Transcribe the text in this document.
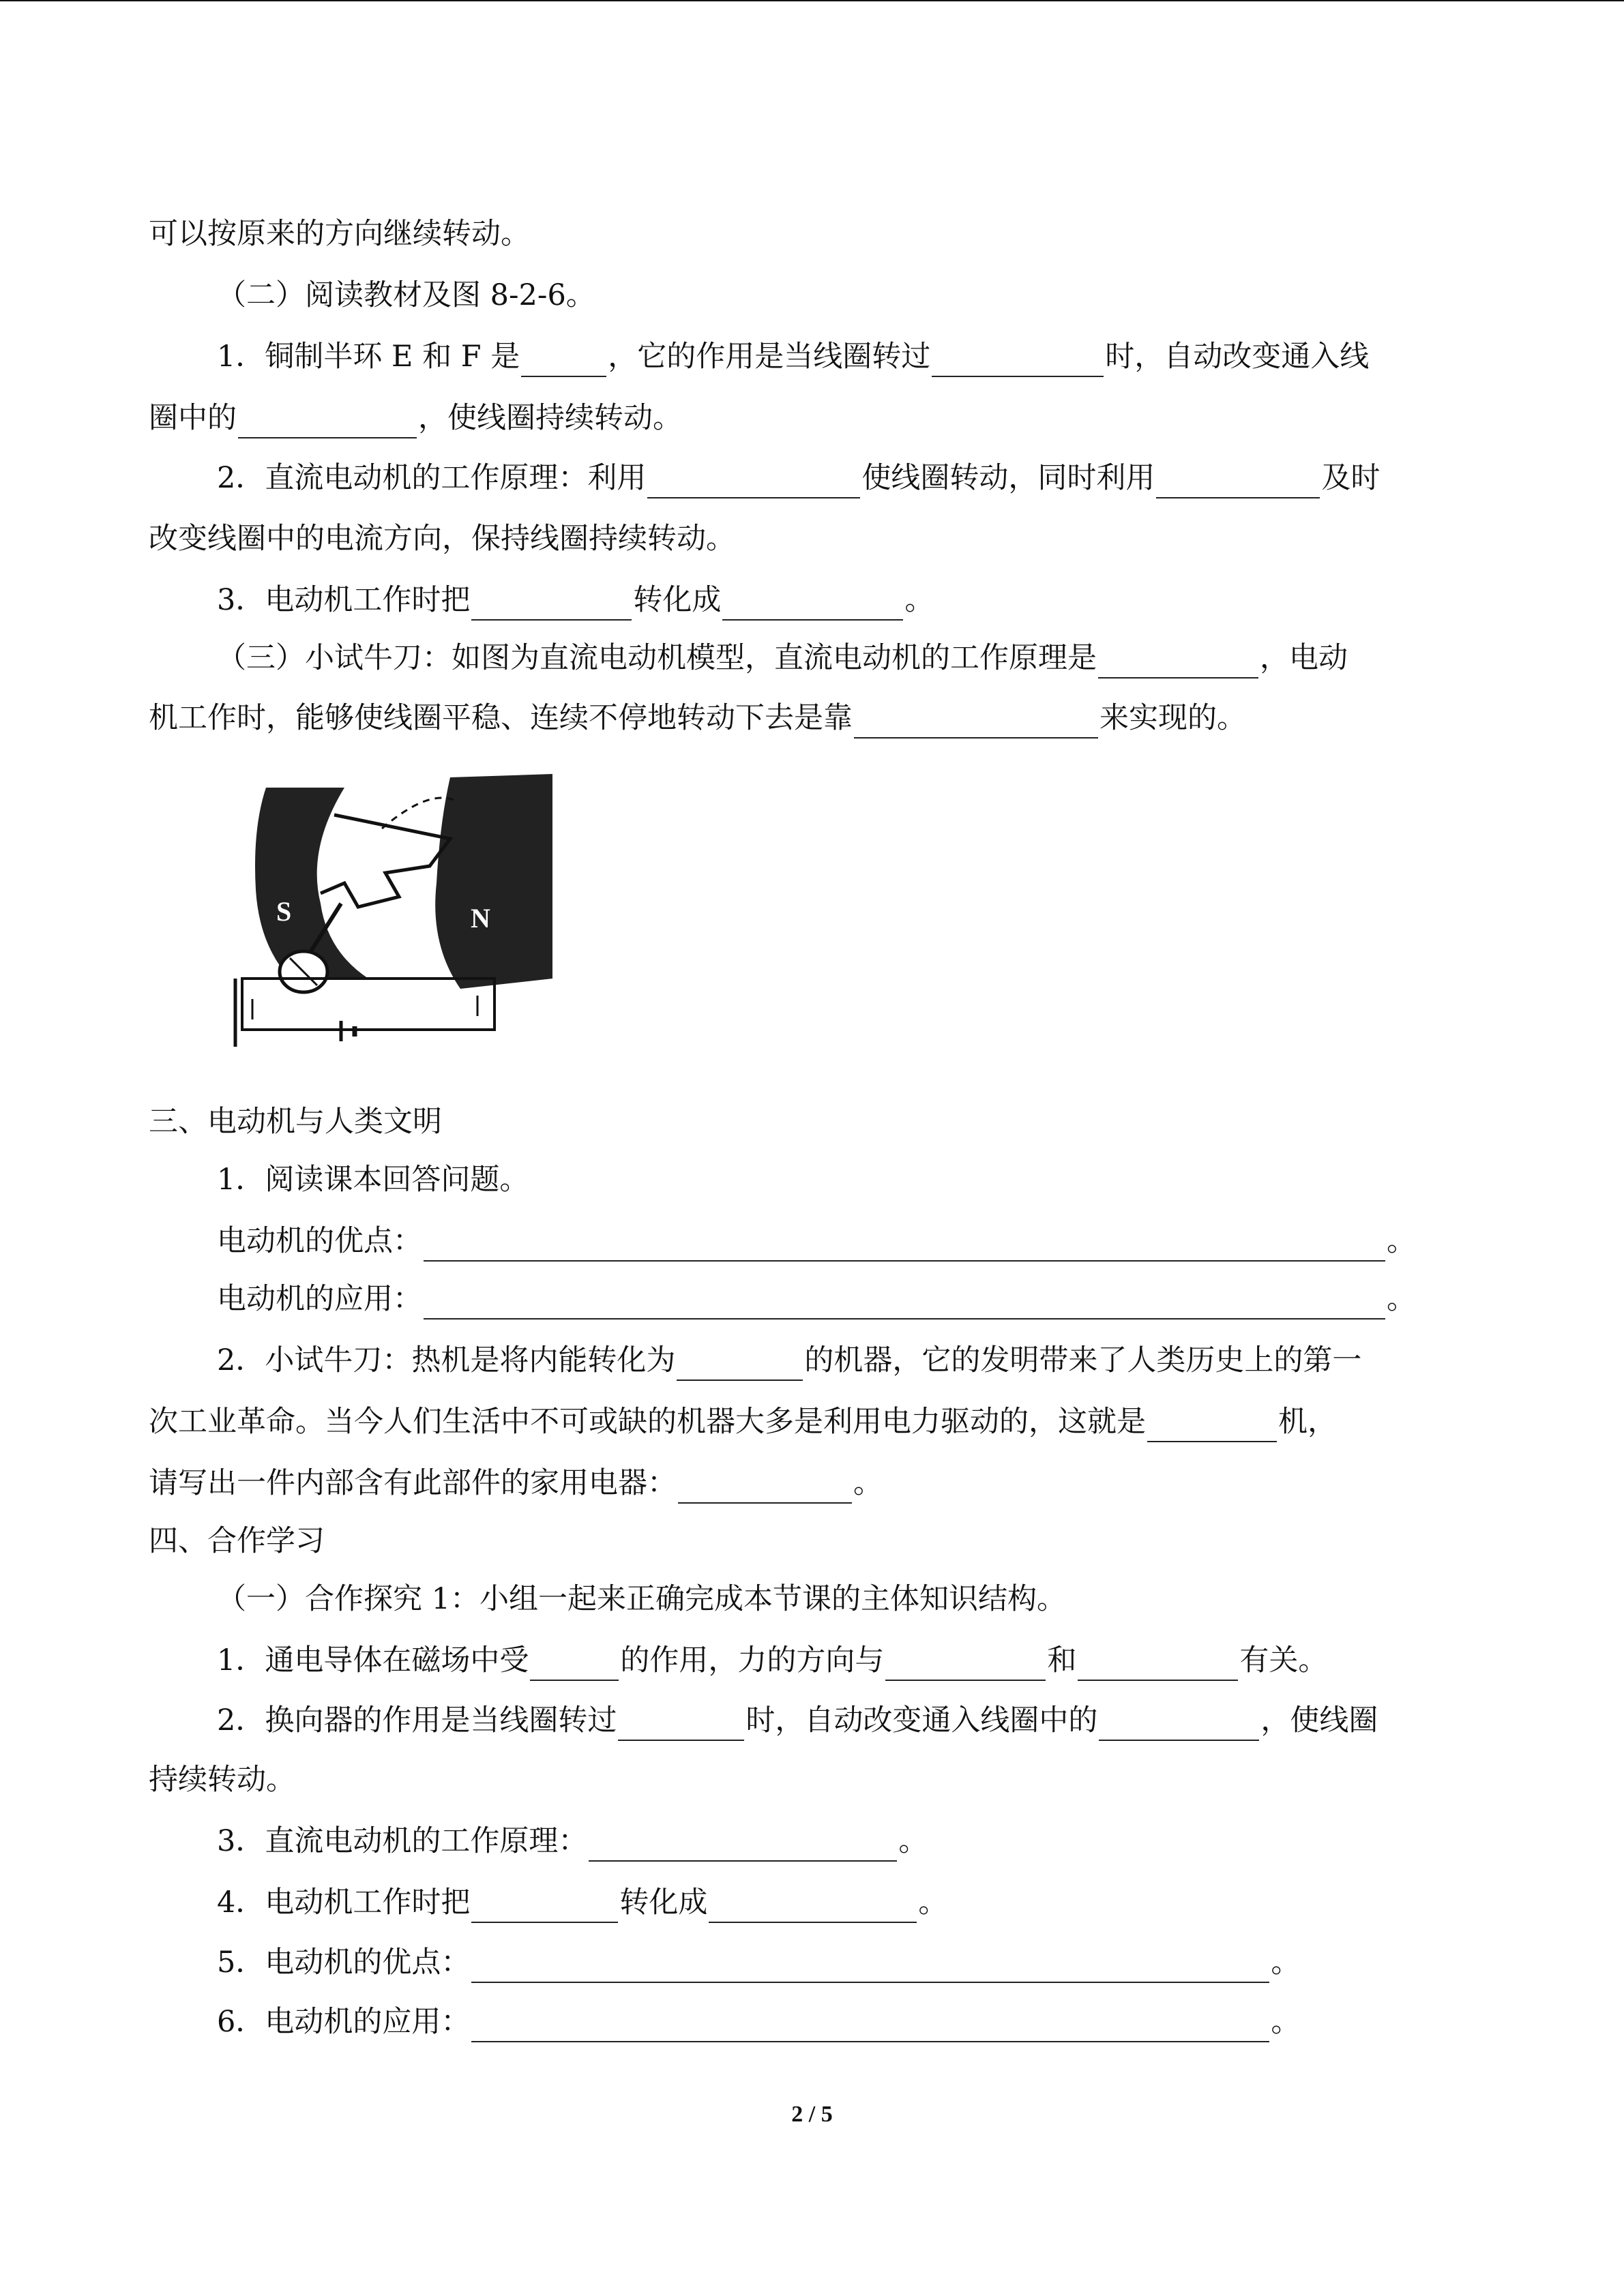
可以按原来的方向继续转动。
（二）阅读教材及图 8-2-6。
1．铜制半环 E 和 F 是	，它的作用是当线圈转过	时，自动改变通入线
圈中的	，使线圈持续转动。
2．直流电动机的工作原理：利用	使线圈转动，同时利用	及时
改变线圈中的电流方向，保持线圈持续转动。
3．电动机工作时把	转化成	。
（三）小试牛刀：如图为直流电动机模型，直流电动机的工作原理是	，电动
机工作时，能够使线圈平稳、连续不停地转动下去是靠	来实现的。
S	N
三、电动机与人类文明
1．阅读课本回答问题。
电动机的优点：	。
电动机的应用：	。
2．小试牛刀：热机是将内能转化为	的机器，它的发明带来了人类历史上的第一
次工业革命。当今人们生活中不可或缺的机器大多是利用电力驱动的，这就是	机，
请写出一件内部含有此部件的家用电器：	。
四、合作学习
（一）合作探究 1：小组一起来正确完成本节课的主体知识结构。
1．通电导体在磁场中受	的作用，力的方向与	和	有关。
2．换向器的作用是当线圈转过	时，自动改变通入线圈中的	，使线圈
持续转动。
3．直流电动机的工作原理：	。
4．电动机工作时把	转化成	。
5．电动机的优点：	。
6．电动机的应用：	。
2 / 5
